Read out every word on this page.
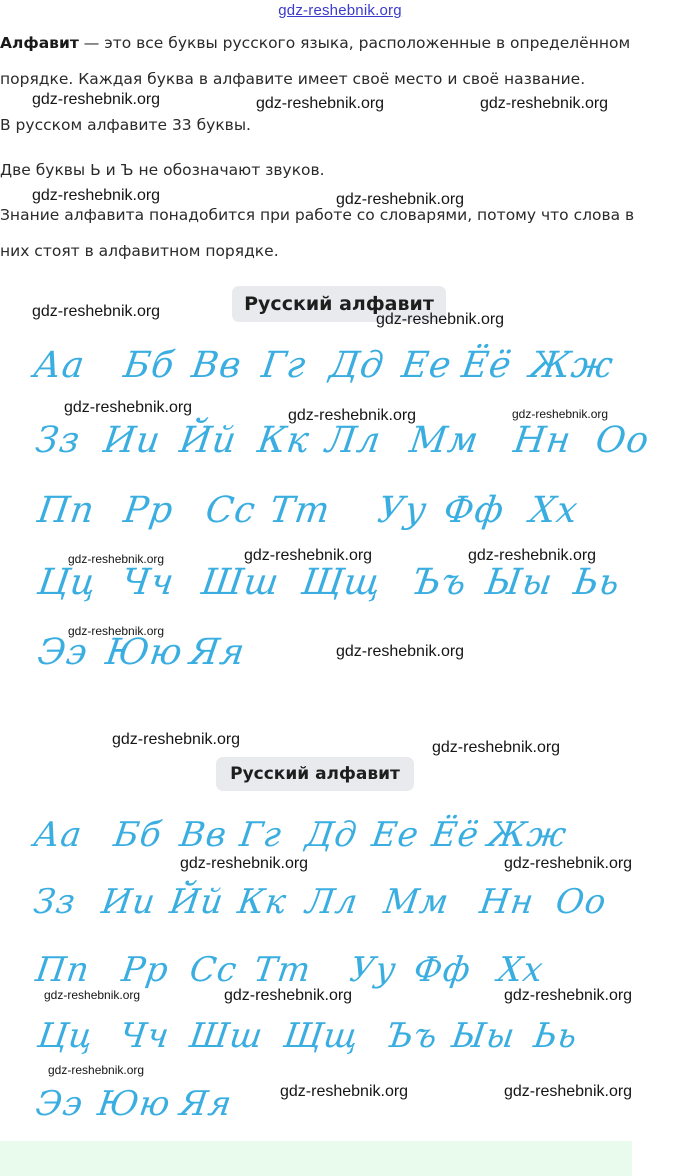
gdz-reshebnik.org

Алфавит — это все буквы русского языка, расположенные в определённом

порядке. Каждая буква в алфавите имеет своё место и своё название.

В русском алфавите 33 буквы.

Две буквы Ь и Ъ не обозначают звуков.

Знание алфавита понадобится при работе со словарями, потому что слова в

них стоят в алфавитном порядке.

Русский алфавит
Аа Бб Вв Гг Дд Ее Ёё Жж
Зз Ии Йй Кк Лл Мм Нн Оо
Пп Рр Сс Тт Уу Фф Хх
Цц Чч Шш Щщ Ъъ Ыы Ьь
Ээ Юю Яя
Русский алфавит
Аа Бб Вв Гг Дд Ее Ёё Жж
Зз Ии Йй Кк Лл Мм Нн Оо
Пп Рр Сс Тт Уу Фф Хх
Цц Чч Шш Щщ Ъъ Ыы Ьь
Ээ Юю Яя
gdz-reshebnik.org	gdz-reshebnik.org	gdz-reshebnik.org
gdz-reshebnik.org	gdz-reshebnik.org
gdz-reshebnik.org	gdz-reshebnik.org
gdz-reshebnik.org	gdz-reshebnik.org	gdz-reshebnik.org
gdz-reshebnik.org	gdz-reshebnik.org	gdz-reshebnik.org
gdz-reshebnik.org
gdz-reshebnik.org
gdz-reshebnik.org	gdz-reshebnik.org
gdz-reshebnik.org	gdz-reshebnik.org
gdz-reshebnik.org	gdz-reshebnik.org	gdz-reshebnik.org
gdz-reshebnik.org
gdz-reshebnik.org	gdz-reshebnik.org
